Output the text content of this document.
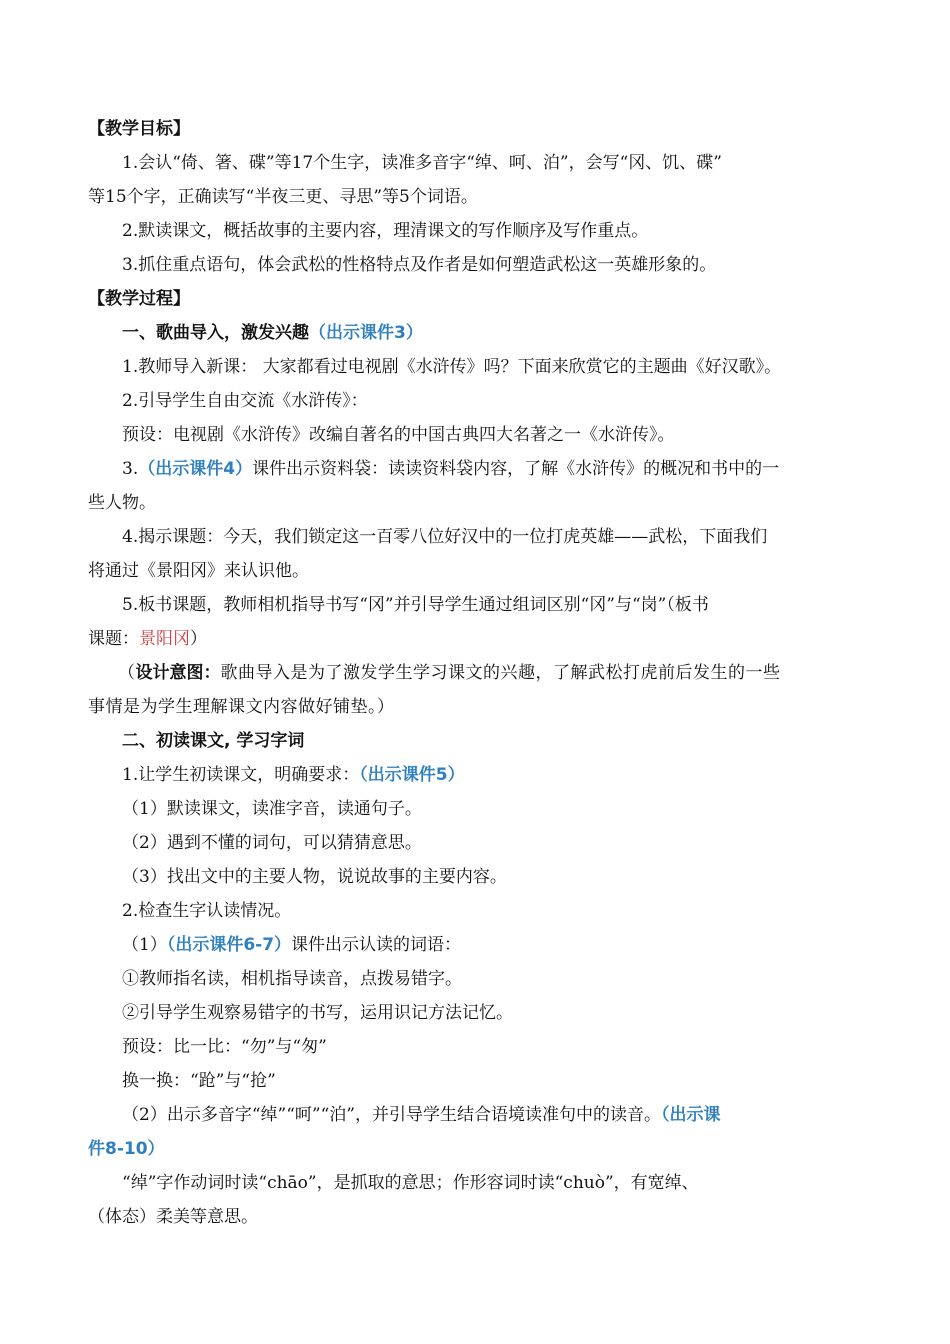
【教学目标】
1.会认“倚、箸、碟”等17个生字，读准多音字“绰、呵、泊”，会写“冈、饥、碟”
等15个字，正确读写“半夜三更、寻思”等5个词语。
2.默读课文，概括故事的主要内容，理清课文的写作顺序及写作重点。
3.抓住重点语句，体会武松的性格特点及作者是如何塑造武松这一英雄形象的。
【教学过程】
一、歌曲导入，激发兴趣（出示课件3）
1.教师导入新课： 大家都看过电视剧《水浒传》吗？下面来欣赏它的主题曲《好汉歌》。
2.引导学生自由交流《水浒传》：
预设：电视剧《水浒传》改编自著名的中国古典四大名著之一《水浒传》。
3.（出示课件4）课件出示资料袋：读读资料袋内容，了解《水浒传》的概况和书中的一
些人物。
4.揭示课题：今天，我们锁定这一百零八位好汉中的一位打虎英雄——武松，下面我们
将通过《景阳冈》来认识他。
5.板书课题，教师相机指导书写“冈”并引导学生通过组词区别“冈”与“岗”（板书
课题：景阳冈）
（设计意图：歌曲导入是为了激发学生学习课文的兴趣，了解武松打虎前后发生的一些
事情是为学生理解课文内容做好铺垫。）
二、初读课文, 学习字词
1.让学生初读课文，明确要求：（出示课件5）
（1）默读课文，读准字音，读通句子。
（2）遇到不懂的词句，可以猜猜意思。
（3）找出文中的主要人物，说说故事的主要内容。
2.检查生字认读情况。
（1）（出示课件6-7）课件出示认读的词语：
①教师指名读，相机指导读音，点拨易错字。
②引导学生观察易错字的书写，运用识记方法记忆。
预设：比一比：“勿”与“匆”
换一换：“跄”与“抢”
（2）出示多音字“绰”“呵”“泊”，并引导学生结合语境读准句中的读音。（出示课
件8-10）
“绰”字作动词时读“chāo”，是抓取的意思；作形容词时读“chuò”，有宽绰、
（体态）柔美等意思。
